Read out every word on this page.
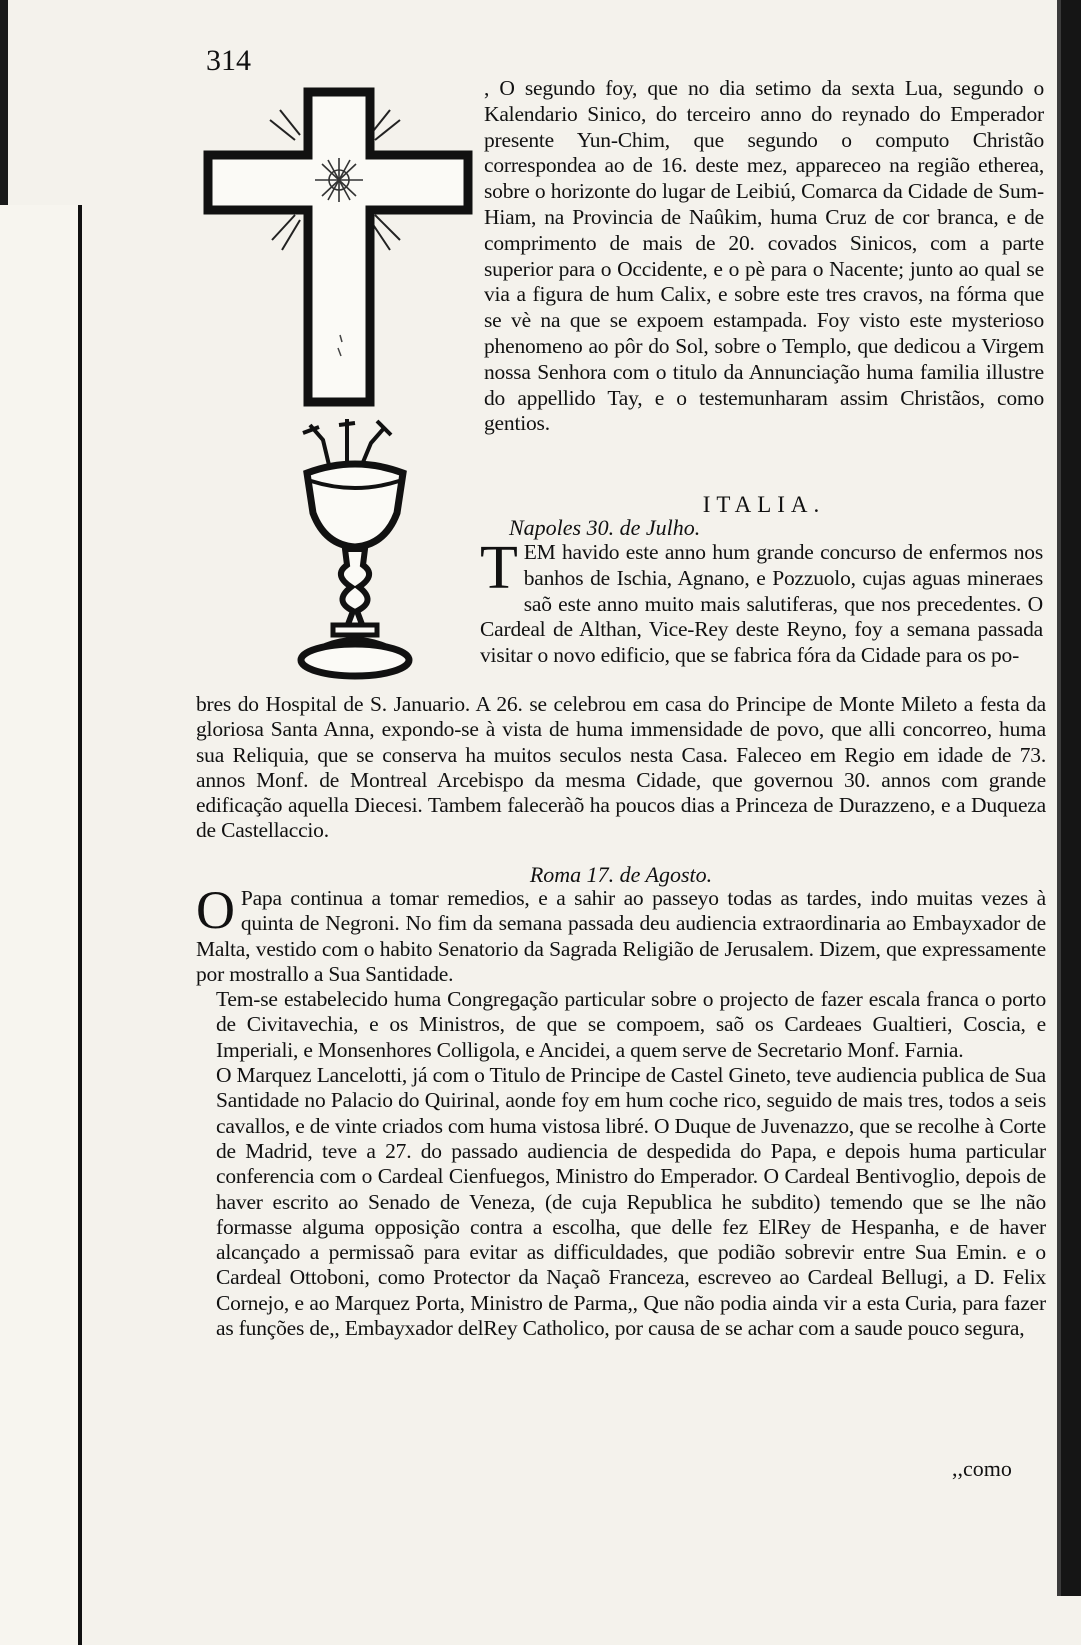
314
, O segundo foy, que no dia setimo da sexta Lua, segundo o Kalendario Sinico, do terceiro anno do reynado do Emperador presente Yun-Chim, que segundo o computo Christão correspondea ao de 16. deste mez, appareceo na região etherea, sobre o horizonte do lugar de Leibiú, Comarca da Cidade de Sum-Hiam, na Provincia de Naûkim, huma Cruz de cor branca, e de comprimento de mais de 20. covados Sinicos, com a parte superior para o Occidente, e o pè para o Nacente; junto ao qual se via a figura de hum Calix, e sobre este tres cravos, na fórma que se vè na que se expoem estampada. Foy visto este mysterioso phenomeno ao pôr do Sol, sobre o Templo, que dedicou a Virgem nossa Senhora com o titulo da Annunciação huma familia illustre do appellido Tay, e o testemunharam assim Christãos, como gentios.
ITALIA.
Napoles 30. de Julho.
T EM havido este anno hum grande concurso de enfermos nos banhos de Ischia, Agnano, e Pozzuolo, cujas aguas mineraes saõ este anno muito mais salutiferas, que nos precedentes. O Cardeal de Althan, Vice-Rey deste Reyno, foy a semana passada visitar o novo edificio, que se fabrica fóra da Cidade para os po-
bres do Hospital de S. Januario. A 26. se celebrou em casa do Principe de Monte Mileto a festa da gloriosa Santa Anna, expondo-se à vista de huma immensidade de povo, que alli concorreo, huma sua Reliquia, que se conserva ha muitos seculos nesta Casa. Faleceo em Regio em idade de 73. annos Monf. de Montreal Arcebispo da mesma Cidade, que governou 30. annos com grande edificação aquella Diecesi. Tambem faleceràõ ha poucos dias a Princeza de Durazzeno, e a Duqueza de Castellaccio.
Roma 17. de Agosto.
O Papa continua a tomar remedios, e a sahir ao passeyo todas as tardes, indo muitas vezes à quinta de Negroni. No fim da semana passada deu audiencia extraordinaria ao Embayxador de Malta, vestido com o habito Senatorio da Sagrada Religião de Jerusalem. Dizem, que expressamente por mostrallo a Sua Santidade.
Tem-se estabelecido huma Congregação particular sobre o projecto de fazer escala franca o porto de Civitavechia, e os Ministros, de que se compoem, saõ os Cardeaes Gualtieri, Coscia, e Imperiali, e Monsenhores Colligola, e Ancidei, a quem serve de Secretario Monf. Farnia.
O Marquez Lancelotti, já com o Titulo de Principe de Castel Gineto, teve audiencia publica de Sua Santidade no Palacio do Quirinal, aonde foy em hum coche rico, seguido de mais tres, todos a seis cavallos, e de vinte criados com huma vistosa libré. O Duque de Juvenazzo, que se recolhe à Corte de Madrid, teve a 27. do passado audiencia de despedida do Papa, e depois huma particular conferencia com o Cardeal Cienfuegos, Ministro do Emperador. O Cardeal Bentivoglio, depois de haver escrito ao Senado de Veneza, (de cuja Republica he subdito) temendo que se lhe não formasse alguma opposição contra a escolha, que delle fez ElRey de Hespanha, e de haver alcançado a permissaõ para evitar as difficuldades, que podião sobrevir entre Sua Emin. e o Cardeal Ottoboni, como Protector da Naçaõ Franceza, escreveo ao Cardeal Bellugi, a D. Felix Cornejo, e ao Marquez Porta, Ministro de Parma,, Que não podia ainda vir a esta Curia, para fazer as funções de,, Embayxador delRey Catholico, por causa de se achar com a saude pouco segura,
,,como
